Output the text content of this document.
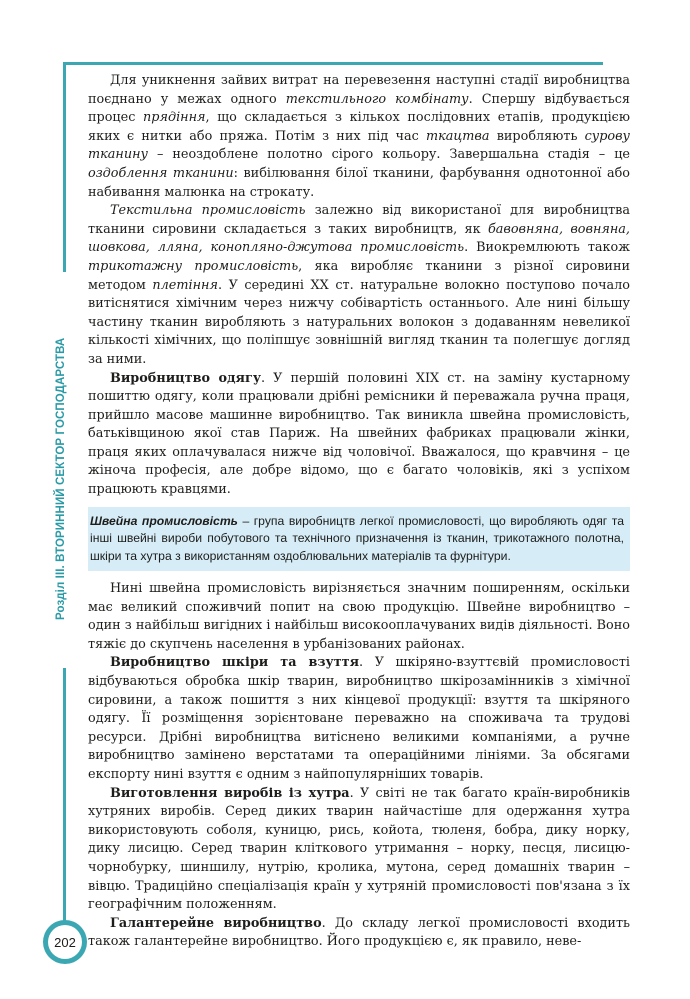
Розділ ІІІ. ВТОРИННИЙ СЕКТОР ГОСПОДАРСТВА
202

Для уникнення зайвих витрат на перевезення наступні стадії виробництва поєднано у межах одного текстильного комбінату. Спершу відбувається процес прядіння, що складається з кількох послідовних етапів, продукцією яких є нитки або пряжа. Потім з них під час ткацтва виробляють сурову тканину – неоздоблене полотно сірого кольору. Завершальна стадія – це оздоблення тканини: вибілювання білої тканини, фарбування однотонної або набивання малюнка на строкату.

Текстильна промисловість залежно від використаної для виробництва тканини сировини складається з таких виробництв, як бавовняна, вовняна, шовкова, лляна, конопляно-джутова промисловість. Виокремлюють також трикотажну промисловість, яка виробляє тканини з різної сировини методом плетіння. У середині XX ст. натуральне волокно поступово почало витіснятися хімічним через нижчу собівартість останнього. Але нині більшу частину тканин виробляють з натуральних волокон з додаванням невеликої кількості хімічних, що поліпшує зовнішній вигляд тканин та полегшує догляд за ними.

Виробництво одягу. У першій половині XIX ст. на заміну кустарному пошиттю одягу, коли працювали дрібні ремісники й переважала ручна праця, прийшло масове машинне виробництво. Так виникла швейна промисловість, батьківщиною якої став Париж. На швейних фабриках працювали жінки, праця яких оплачувалася нижче від чоловічої. Вважалося, що кравчиня – це жіноча професія, але добре відомо, що є багато чоловіків, які з успіхом працюють кравцями.

Швейна промисловість – група виробництв легкої промисловості, що виробляють одяг та інші швейні вироби побутового та технічного призначення із тканин, трикотажного полотна, шкіри та хутра з використанням оздоблювальних матеріалів та фурнітури.

Нині швейна промисловість вирізняється значним поширенням, оскільки має великий споживчий попит на свою продукцію. Швейне виробництво – один з найбільш вигідних і найбільш високооплачуваних видів діяльності. Воно тяжіє до скупчень населення в урбанізованих районах.

Виробництво шкіри та взуття. У шкіряно-взуттєвій промисловості відбуваються обробка шкір тварин, виробництво шкірозамінників з хімічної сировини, а також пошиття з них кінцевої продукції: взуття та шкіряного одягу. Її розміщення зорієнтоване переважно на споживача та трудові ресурси. Дрібні виробництва витіснено великими компаніями, а ручне виробництво замінено верстатами та операційними лініями. За обсягами експорту нині взуття є одним з найпопулярніших товарів.

Виготовлення виробів із хутра. У світі не так багато країн-виробників хутряних виробів. Серед диких тварин найчастіше для одержання хутра використовують соболя, куницю, рись, койота, тюленя, бобра, дику норку, дику лисицю. Серед тварин кліткового утримання – норку, песця, лисицю-чорнобурку, шиншилу, нутрію, кролика, мутона, серед домашніх тварин – вівцю. Традиційно спеціалізація країн у хутряній промисловості пов'язана з їх географічним положенням.

Галантерейне виробництво. До складу легкої промисловості входить також галантерейне виробництво. Його продукцією є, як правило, неве-
